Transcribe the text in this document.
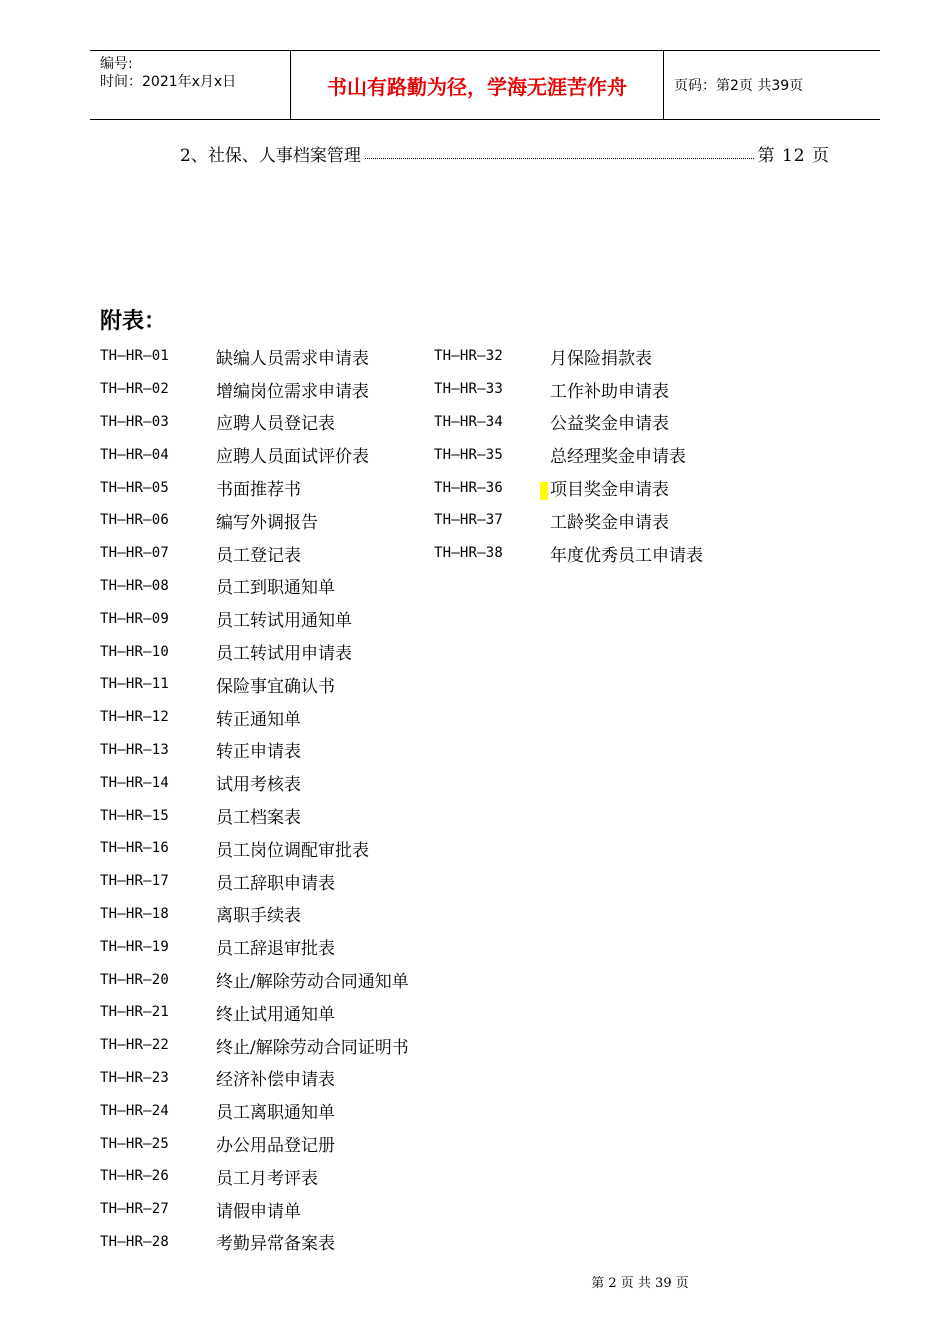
编号:
时间：2021年x月x日	书山有路勤为径，学海无涯苦作舟	页码：第2页 共39页
2、社保、人事档案管理	第 12 页
附表：
TH—HR—01	缺编人员需求申请表
TH—HR—02	增编岗位需求申请表
TH—HR—03	应聘人员登记表
TH—HR—04	应聘人员面试评价表
TH—HR—05	书面推荐书
TH—HR—06	编写外调报告
TH—HR—07	员工登记表
TH—HR—08	员工到职通知单
TH—HR—09	员工转试用通知单
TH—HR—10	员工转试用申请表
TH—HR—11	保险事宜确认书
TH—HR—12	转正通知单
TH—HR—13	转正申请表
TH—HR—14	试用考核表
TH—HR—15	员工档案表
TH—HR—16	员工岗位调配审批表
TH—HR—17	员工辞职申请表
TH—HR—18	离职手续表
TH—HR—19	员工辞退审批表
TH—HR—20	终止/解除劳动合同通知单
TH—HR—21	终止试用通知单
TH—HR—22	终止/解除劳动合同证明书
TH—HR—23	经济补偿申请表
TH—HR—24	员工离职通知单
TH—HR—25	办公用品登记册
TH—HR—26	员工月考评表
TH—HR—27	请假申请单
TH—HR—28	考勤异常备案表
TH—HR—32	月保险捐款表
TH—HR—33	工作补助申请表
TH—HR—34	公益奖金申请表
TH—HR—35	总经理奖金申请表
TH—HR—36	项目奖金申请表
TH—HR—37	工龄奖金申请表
TH—HR—38	年度优秀员工申请表
第 2 页 共 39 页
